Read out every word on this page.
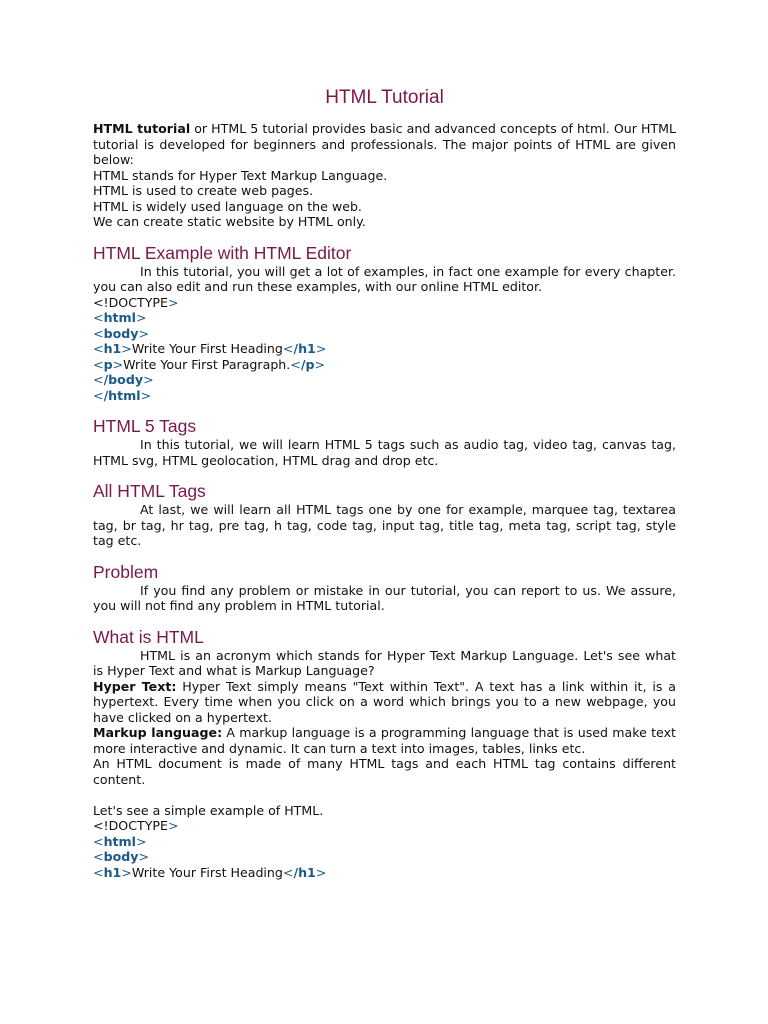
HTML Tutorial

HTML tutorial or HTML 5 tutorial provides basic and advanced concepts of html. Our HTML tutorial is developed for beginners and professionals. The major points of HTML are given below:

HTML stands for Hyper Text Markup Language.

HTML is used to create web pages.

HTML is widely used language on the web.

We can create static website by HTML only.

HTML Example with HTML Editor

In this tutorial, you will get a lot of examples, in fact one example for every chapter. you can also edit and run these examples, with our online HTML editor.

<!DOCTYPE>

<html>

<body>

<h1>Write Your First Heading</h1>

<p>Write Your First Paragraph.</p>

</body>

</html>

HTML 5 Tags

In this tutorial, we will learn HTML 5 tags such as audio tag, video tag, canvas tag, HTML svg, HTML geolocation, HTML drag and drop etc.

All HTML Tags

At last, we will learn all HTML tags one by one for example, marquee tag, textarea tag, br tag, hr tag, pre tag, h tag, code tag, input tag, title tag, meta tag, script tag, style tag etc.

Problem

If you find any problem or mistake in our tutorial, you can report to us. We assure, you will not find any problem in HTML tutorial.

What is HTML

HTML is an acronym which stands for Hyper Text Markup Language. Let's see what is Hyper Text and what is Markup Language?

Hyper Text: Hyper Text simply means "Text within Text". A text has a link within it, is a hypertext. Every time when you click on a word which brings you to a new webpage, you have clicked on a hypertext.

Markup language: A markup language is a programming language that is used make text more interactive and dynamic. It can turn a text into images, tables, links etc.

An HTML document is made of many HTML tags and each HTML tag contains different content.

Let's see a simple example of HTML.

<!DOCTYPE>

<html>

<body>

<h1>Write Your First Heading</h1>
